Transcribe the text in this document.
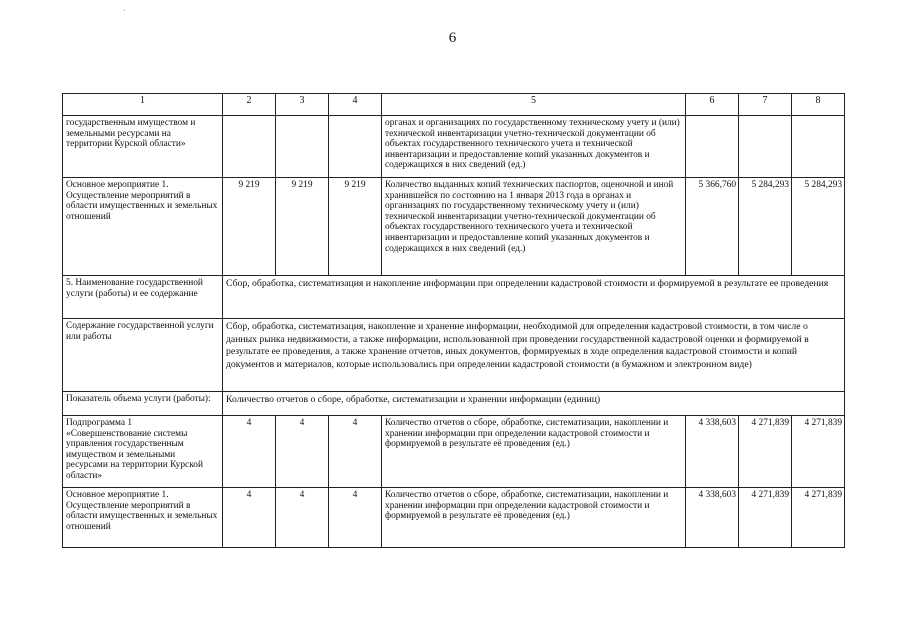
`
6
1	2	3	4	5	6	7	8
государственным имуществом и земельными ресурсами на территории Курской области»				органах и организациях по государственному техническому учету и (или) технической инвентаризации учетно-технической документации об объектах государственного технического учета и технической инвентаризации и предоставление копий указанных документов и содержащихся в них сведений (ед.)			
Основное мероприятие 1. Осуществление мероприятий в области имущественных и земельных отношений	9 219	9 219	9 219	Количество выданных копий технических паспортов, оценочной и иной хранившейся по состоянию на 1 января 2013 года в органах и организациях по государственному техническому учету и (или) технической инвентаризации учетно-технической документации об объектах государственного технического учета и технической инвентаризации и предоставление копий указанных документов и содержащихся в них сведений (ед.)	5 366,760	5 284,293	5 284,293
5. Наименование государственной услуги (работы) и ее содержание	Сбор, обработка, систематизация и накопление информации при определении кадастровой стоимости и формируемой в результате ее проведения						
Содержание государственной услуги или работы	Сбор, обработка, систематизация, накопление и хранение информации, необходимой для определения кадастровой стоимости, в том числе о данных рынка недвижимости, а также информации, использованной при проведении государственной кадастровой оценки и формируемой в результате ее проведения, а также хранение отчетов, иных документов, формируемых в ходе определения кадастровой стоимости и копий документов и материалов, которые использовались при определении кадастровой стоимости (в бумажном и электронном виде)						
Показатель объема услуги (работы):	Количество отчетов о сборе, обработке, систематизации и хранении информации (единиц)						
Подпрограмма 1 «Совершенствование системы управления государственным имуществом и земельными ресурсами на территории Курской области»	4	4	4	Количество отчетов о сборе, обработке, систематизации, накоплении и хранении информации при определении кадастровой стоимости и формируемой в результате её проведения (ед.)	4 338,603	4 271,839	4 271,839
Основное мероприятие 1. Осуществление мероприятий в области имущественных и земельных отношений	4	4	4	Количество отчетов о сборе, обработке, систематизации, накоплении и хранении информации при определении кадастровой стоимости и формируемой в результате её проведения (ед.)	4 338,603	4 271,839	4 271,839
